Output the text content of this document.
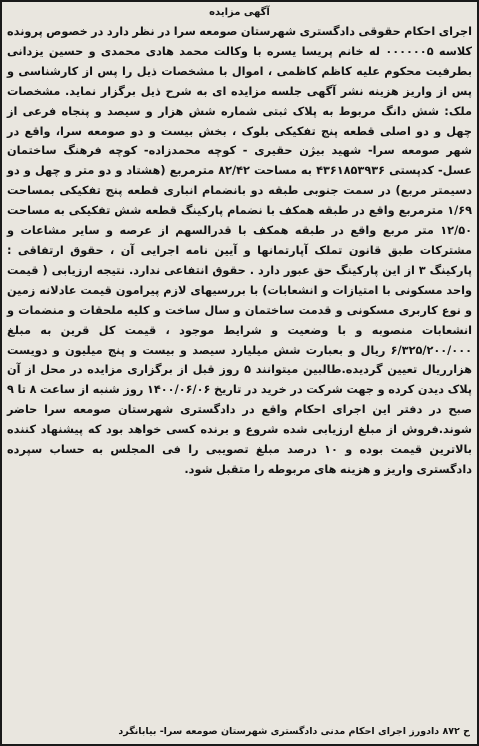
آگهی مزایده

اجرای احکام حقوقی دادگستری شهرستان صومعه سرا در نظر دارد در خصوص پرونده کلاسه ۰۰۰۰۰۰۵ له خانم پریسا یسره با وکالت محمد هادی محمدی و حسین یزدانی بطرفیت محکوم علیه کاظم کاظمی ، اموال با مشخصات ذیل را پس از کارشناسی و پس از واریز هزینه نشر آگهی جلسه مزایده ای به شرح ذیل برگزار نماید. مشخصات ملک: شش دانگ مربوط به پلاک ثبتی شماره شش هزار و سیصد و پنجاه فرعی از چهل و دو اصلی قطعه پنج تفکیکی بلوک ، بخش بیست و دو صومعه سرا، واقع در شهر صومعه سرا- شهید بیژن حقیری - کوچه محمدزاده- کوچه فرهنگ ساختمان عسل- کدپستی ۴۳۶۱۸۵۳۹۳۶ به مساحت ۸۲/۴۲ مترمربع (هشتاد و دو متر و چهل و دو دسیمتر مربع) در سمت جنوبی طبقه دو بانضمام انباری قطعه پنج تفکیکی بمساحت ۱/۶۹ مترمربع واقع در طبقه همکف با نضمام پارکینگ قطعه شش تفکیکی به مساحت ۱۲/۵۰ متر مربع واقع در طبقه همکف با قدرالسهم از عرصه و سایر مشاعات و مشترکات طبق قانون تملک آپارتمانها و آیین نامه اجرایی آن ، حقوق ارتفاقی : پارکینگ ۳ از این پارکینگ حق عبور دارد . حقوق انتفاعی ندارد. نتیجه ارزیابی ( قیمت واحد مسکونی با امتیازات و انشعابات) با بررسیهای لازم پیرامون قیمت عادلانه زمین و نوع کاربری مسکونی و قدمت ساختمان و سال ساخت و کلیه ملحقات و منضمات و انشعابات منصوبه و با وضعیت و شرایط موجود ، قیمت کل قرین به مبلغ ۶/۳۲۵/۲۰۰/۰۰۰ ریال و بعبارت شش میلیارد سیصد و بیست و پنج میلیون و دویست هزارریال تعیین گردیده.طالبین میتوانند ۵ روز قبل از برگزاری مزایده در محل از آن پلاک دیدن کرده و جهت شرکت در خرید در تاریخ ۱۴۰۰/۰۶/۰۶ روز شنبه از ساعت ۸ تا ۹ صبح در دفتر این اجرای احکام واقع در دادگستری شهرستان صومعه سرا حاضر شوند.فروش از مبلغ ارزیابی شده شروع و برنده کسی خواهد بود که پیشنهاد کننده بالاترین قیمت بوده و ۱۰ درصد مبلغ تصویبی را فی المجلس به حساب سپرده دادگستری واریز و هزینه های مربوطه را متقبل شود.

ح ۸۷۲ دادورز اجرای احکام مدنی دادگستری شهرستان صومعه سرا- بیابانگرد
